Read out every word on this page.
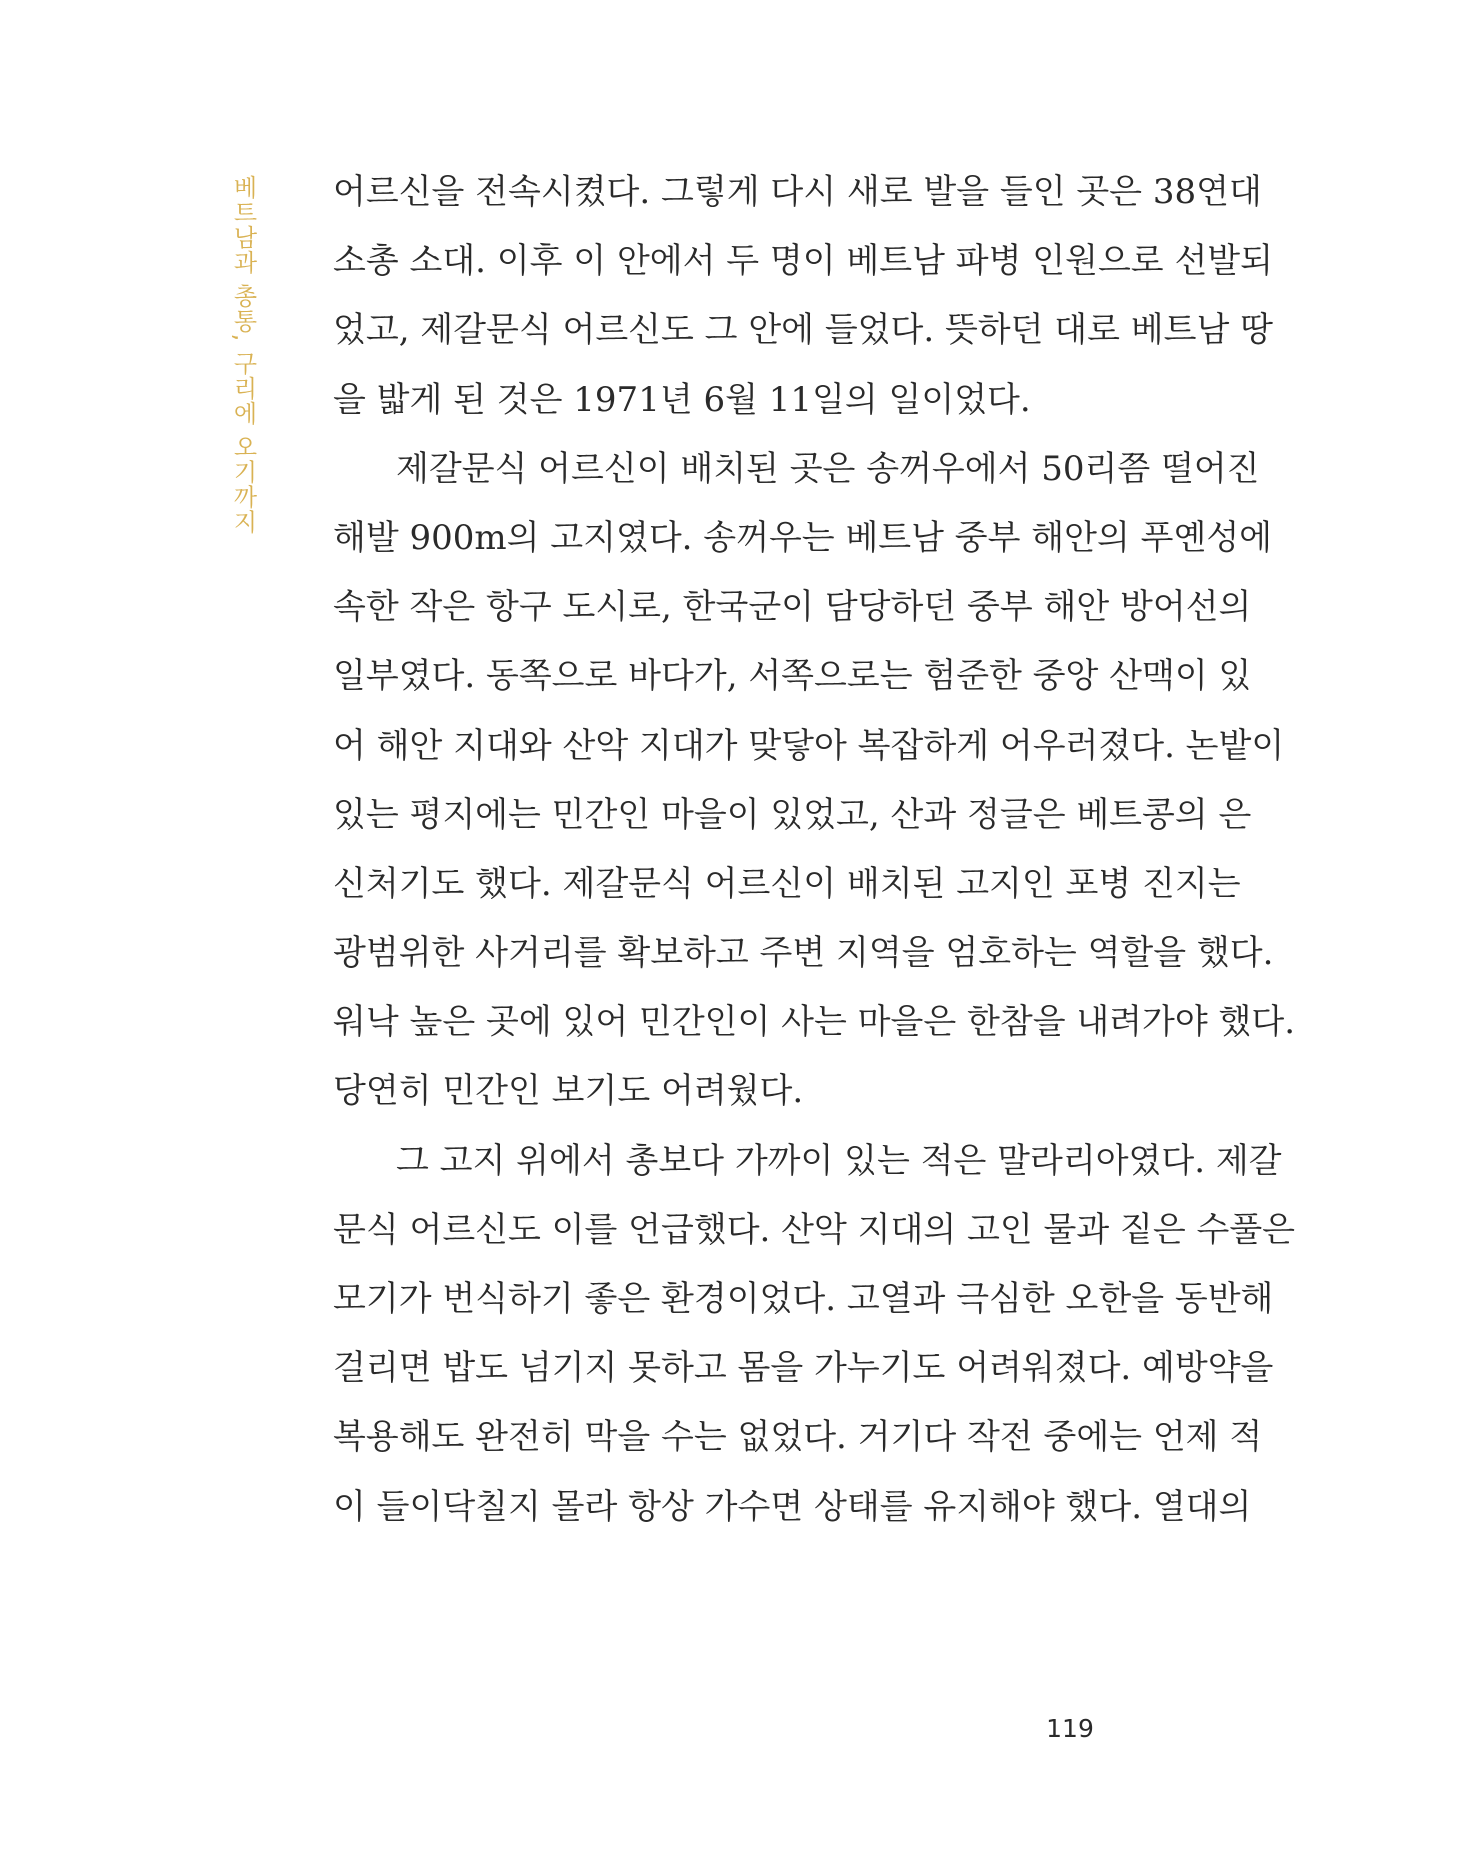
베트남과 총통, 구리에 오기까지 어르신을 전속시켰다. 그렇게 다시 새로 발을 들인 곳은 38연대
소총 소대. 이후 이 안에서 두 명이 베트남 파병 인원으로 선발되
었고, 제갈문식 어르신도 그 안에 들었다. 뜻하던 대로 베트남 땅
을 밟게 된 것은 1971년 6월 11일의 일이었다.
제갈문식 어르신이 배치된 곳은 송꺼우에서 50리쯤 떨어진
해발 900m의 고지였다. 송꺼우는 베트남 중부 해안의 푸옌성에
속한 작은 항구 도시로, 한국군이 담당하던 중부 해안 방어선의
일부였다. 동쪽으로 바다가, 서쪽으로는 험준한 중앙 산맥이 있
어 해안 지대와 산악 지대가 맞닿아 복잡하게 어우러졌다. 논밭이
있는 평지에는 민간인 마을이 있었고, 산과 정글은 베트콩의 은
신처기도 했다. 제갈문식 어르신이 배치된 고지인 포병 진지는
광범위한 사거리를 확보하고 주변 지역을 엄호하는 역할을 했다.
워낙 높은 곳에 있어 민간인이 사는 마을은 한참을 내려가야 했다.
당연히 민간인 보기도 어려웠다.
그 고지 위에서 총보다 가까이 있는 적은 말라리아였다. 제갈
문식 어르신도 이를 언급했다. 산악 지대의 고인 물과 짙은 수풀은
모기가 번식하기 좋은 환경이었다. 고열과 극심한 오한을 동반해
걸리면 밥도 넘기지 못하고 몸을 가누기도 어려워졌다. 예방약을
복용해도 완전히 막을 수는 없었다. 거기다 작전 중에는 언제 적
이 들이닥칠지 몰라 항상 가수면 상태를 유지해야 했다. 열대의
119
